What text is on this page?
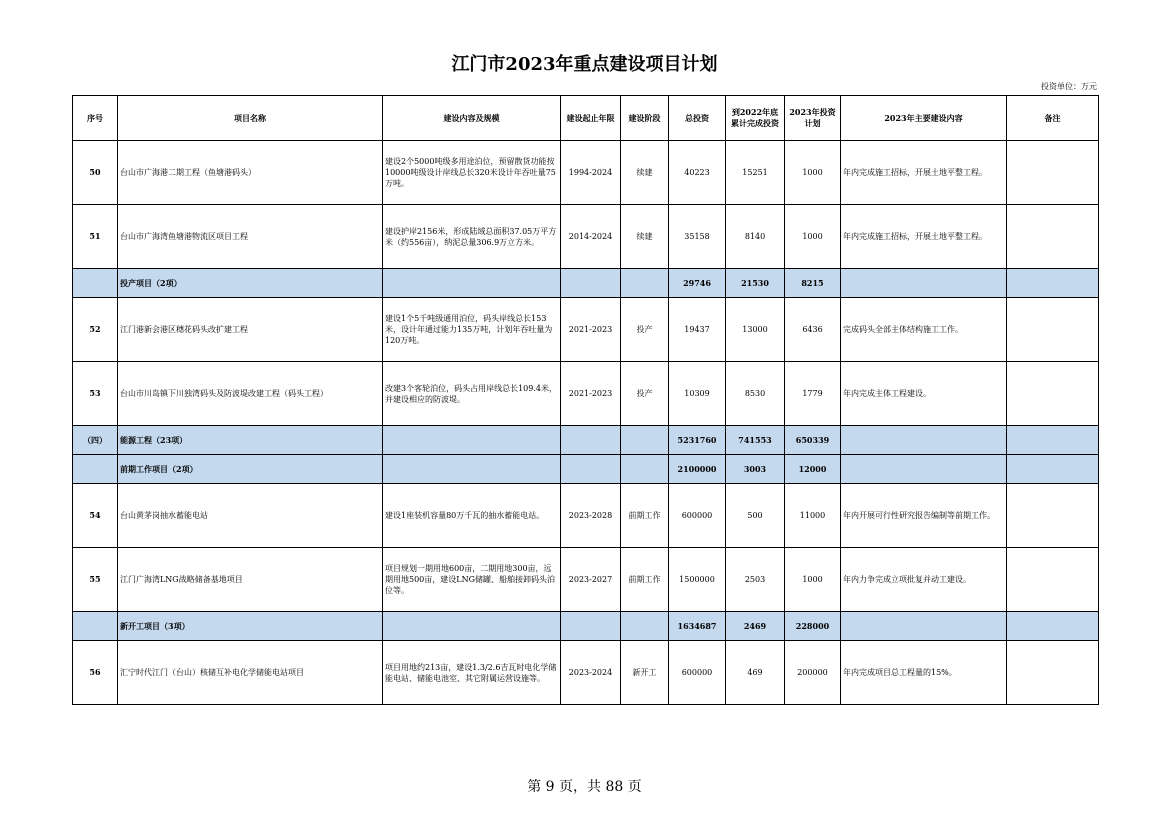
江门市2023年重点建设项目计划
投资单位：万元
序号	项目名称	建设内容及规模	建设起止年限	建设阶段	总投资	到2022年底累计完成投资	2023年投资计划	2023年主要建设内容	备注
50	台山市广海港二期工程（鱼塘港码头）	建设2个5000吨级多用途泊位，预留散货功能按10000吨级设计岸线总长320米设计年吞吐量75万吨。	1994-2024	续建	40223	15251	1000	年内完成施工招标，开展土地平整工程。	
51	台山市广海湾鱼塘港物流区项目工程	建设护岸2156米，形成陆域总面积37.05万平方米（约556亩），纳泥总量306.9万立方米。	2014-2024	续建	35158	8140	1000	年内完成施工招标，开展土地平整工程。	
	投产项目（2项）				29746	21530	8215		
52	江门港新会港区穗花码头改扩建工程	建设1个5千吨级通用泊位，码头岸线总长153米，设计年通过能力135万吨，计划年吞吐量为120万吨。	2021-2023	投产	19437	13000	6436	完成码头全部主体结构施工工作。	
53	台山市川岛镇下川独湾码头及防波堤改建工程（码头工程）	改建3个客轮泊位，码头占用岸线总长109.4米，并建设相应的防波堤。	2021-2023	投产	10309	8530	1779	年内完成主体工程建设。	
（四）	能源工程（23项）				5231760	741553	650339		
	前期工作项目（2项）				2100000	3003	12000		
54	台山黄茅岗抽水蓄能电站	建设1座装机容量80万千瓦的抽水蓄能电站。	2023-2028	前期工作	600000	500	11000	年内开展可行性研究报告编制等前期工作。	
55	江门广海湾LNG战略储备基地项目	项目规划一期用地600亩，二期用地300亩，远期用地500亩，建设LNG储罐、船舶接卸码头泊位等。	2023-2027	前期工作	1500000	2503	1000	年内力争完成立项批复并动工建设。	
	新开工项目（3项）				1634687	2469	228000		
56	汇宁时代江门（台山）核储互补电化学储能电站项目	项目用地约213亩，建设1.3/2.6吉瓦时电化学储能电站、储能电池室、其它附属运营设施等。	2023-2024	新开工	600000	469	200000	年内完成项目总工程量的15%。	
第 9 页，共 88 页
